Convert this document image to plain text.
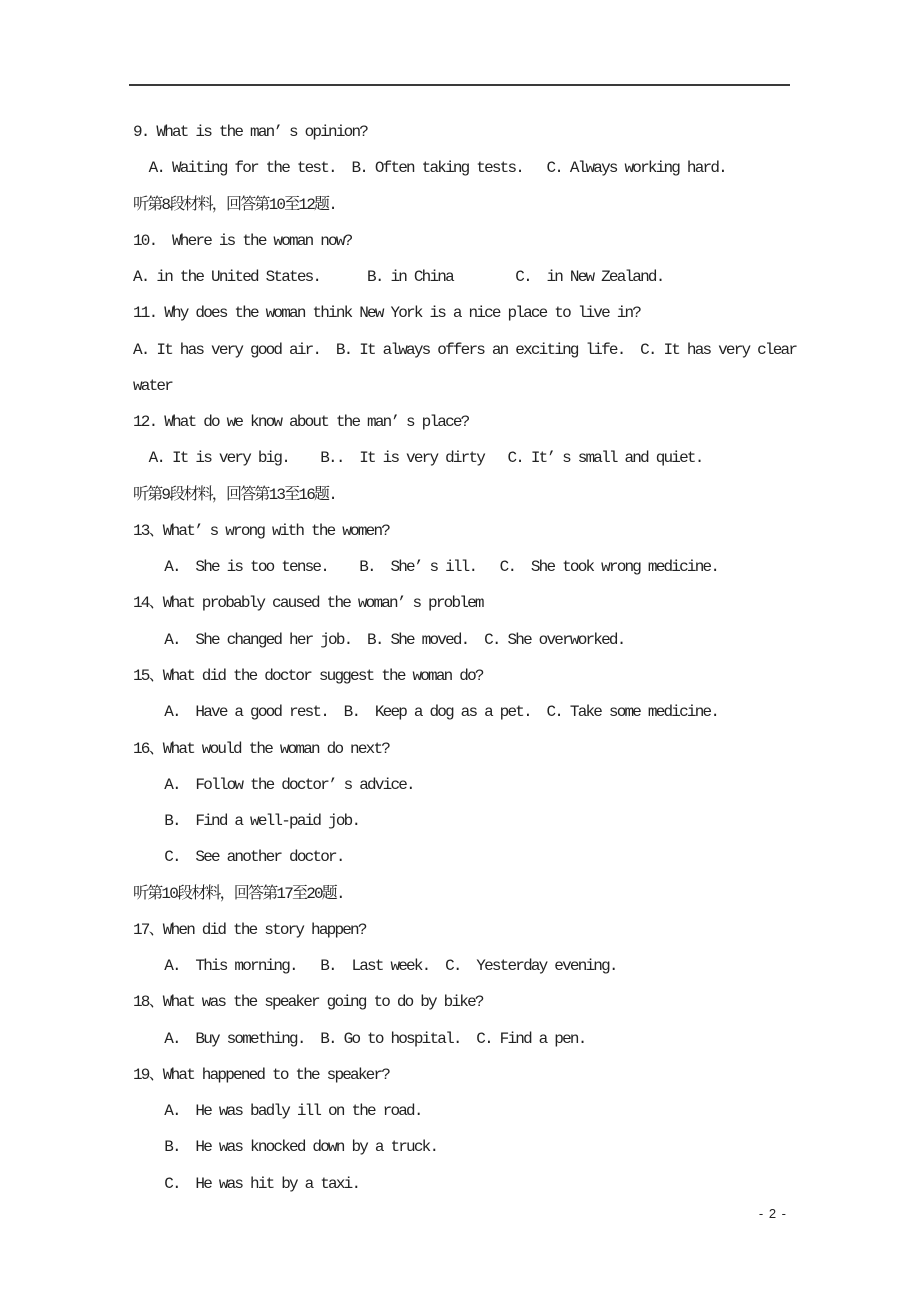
9. What is the man’ s opinion?
A. Waiting for the test.  B. Often taking tests.   C. Always working hard.
听第8段材料，回答第10至12题.
10.  Where is the woman now?
A. in the United States.      B. in China        C.  in New Zealand.
11. Why does the woman think New York is a nice place to live in?
A. It has very good air.  B. It always offers an exciting life.  C. It has very clear
water
12. What do we know about the man’ s place?
A. It is very big.    B..  It is very dirty   C. It’ s small and quiet.
听第9段材料，回答第13至16题.
13、What’ s wrong with the women?
A.  She is too tense.    B.  She’ s ill.   C.  She took wrong medicine.
14、What probably caused the woman’ s problem
A.  She changed her job.  B. She moved.  C. She overworked.
15、What did the doctor suggest the woman do?
A.  Have a good rest.  B.  Keep a dog as a pet.  C. Take some medicine.
16、What would the woman do next?
A.  Follow the doctor’ s advice.
B.  Find a well-paid job.
C.  See another doctor.
听第10段材料，回答第17至20题.
17、When did the story happen?
A.  This morning.   B.  Last week.  C.  Yesterday evening.
18、What was the speaker going to do by bike?
A.  Buy something.  B. Go to hospital.  C. Find a pen.
19、What happened to the speaker?
A.  He was badly ill on the road.
B.  He was knocked down by a truck.
C.  He was hit by a taxi.
- 2 -
